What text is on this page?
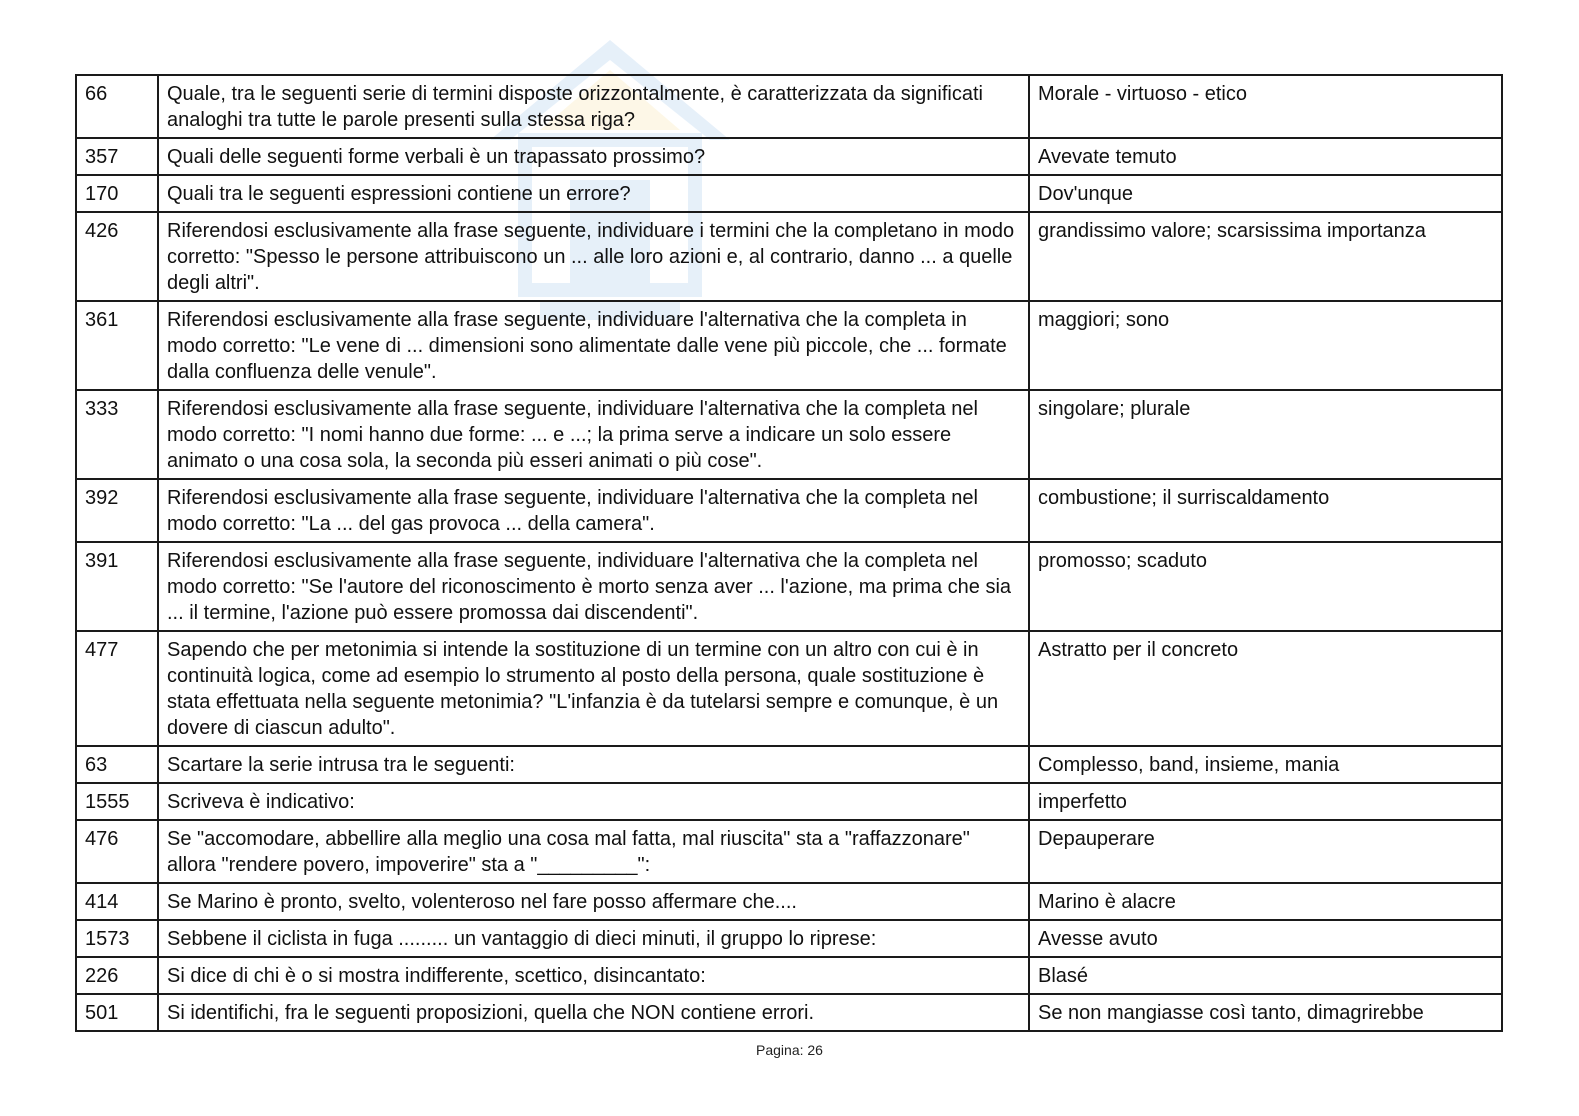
66	Quale, tra le seguenti serie di termini disposte orizzontalmente, è caratterizzata da significati analoghi tra tutte le parole presenti sulla stessa riga?	Morale - virtuoso - etico
357	Quali delle seguenti forme verbali è un trapassato prossimo?	Avevate temuto
170	Quali tra le seguenti espressioni contiene un errore?	Dov'unque
426	Riferendosi esclusivamente alla frase seguente, individuare i termini che la completano in modo corretto: "Spesso le persone attribuiscono un ... alle loro azioni e, al contrario, danno ... a quelle degli altri".	grandissimo valore; scarsissima importanza
361	Riferendosi esclusivamente alla frase seguente, individuare l'alternativa che la completa in modo corretto: "Le vene di ... dimensioni sono alimentate dalle vene più piccole, che ... formate dalla confluenza delle venule".	maggiori; sono
333	Riferendosi esclusivamente alla frase seguente, individuare l'alternativa che la completa nel modo corretto: "I nomi hanno due forme: ... e ...; la prima serve a indicare un solo essere animato o una cosa sola, la seconda più esseri animati o più cose".	singolare; plurale
392	Riferendosi esclusivamente alla frase seguente, individuare l'alternativa che la completa nel modo corretto: "La ... del gas provoca ... della camera".	combustione; il surriscaldamento
391	Riferendosi esclusivamente alla frase seguente, individuare l'alternativa che la completa nel modo corretto: "Se l'autore del riconoscimento è morto senza aver ... l'azione, ma prima che sia ... il termine, l'azione può essere promossa dai discendenti".	promosso; scaduto
477	Sapendo che per metonimia si intende la sostituzione di un termine con un altro con cui è in continuità logica, come ad esempio lo strumento al posto della persona, quale sostituzione è stata effettuata nella seguente metonimia? "L'infanzia è da tutelarsi sempre e comunque, è un dovere di ciascun adulto".	Astratto per il concreto
63	Scartare la serie intrusa tra le seguenti:	Complesso, band, insieme, mania
1555	Scriveva è indicativo:	imperfetto
476	Se "accomodare, abbellire alla meglio una cosa mal fatta, mal riuscita" sta a "raffazzonare" allora "rendere povero, impoverire" sta a "_________":	Depauperare
414	Se Marino è pronto, svelto, volenteroso nel fare posso affermare che....	Marino è alacre
1573	Sebbene il ciclista in fuga ......... un vantaggio di dieci minuti, il gruppo lo riprese:	Avesse avuto
226	Si dice di chi è o si mostra indifferente, scettico, disincantato:	Blasé
501	Si identifichi, fra le seguenti proposizioni, quella che NON contiene errori.	Se non mangiasse così tanto, dimagrirebbe
Pagina: 26
